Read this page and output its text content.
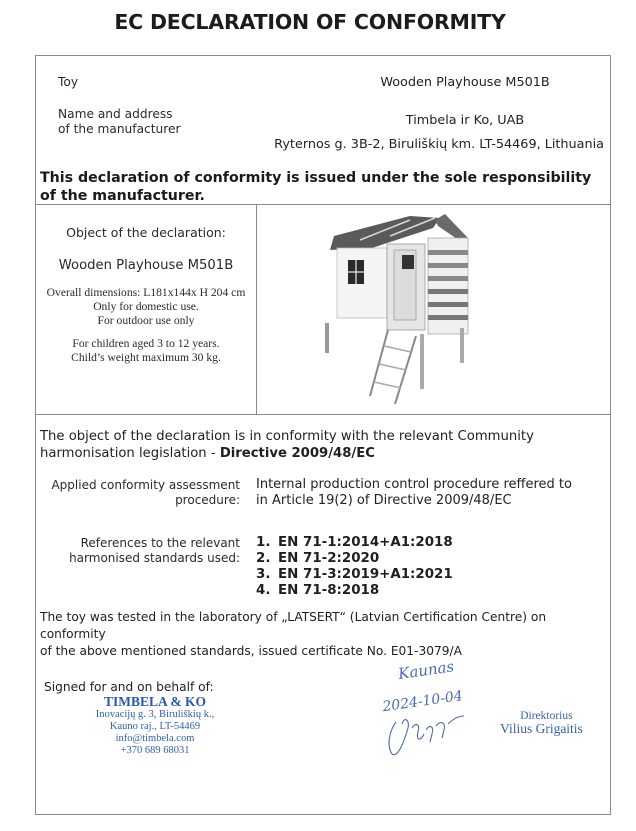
EC DECLARATION OF CONFORMITY
Toy	Wooden Playhouse M501B
Name and address
of the manufacturer
Timbela ir Ko, UAB
Ryternos g. 3B-2, Biruliškių km. LT-54469, Lithuania
This declaration of conformity is issued under the sole responsibility of the manufacturer.
Object of the declaration:
Wooden Playhouse M501B
Overall dimensions: L181x144x H 204 cm
Only for domestic use.
For outdoor use only
For children aged 3 to 12 years.
Child’s weight maximum 30 kg.
The object of the declaration is in conformity with the relevant Community harmonisation legislation - Directive 2009/48/EC
Applied conformity assessment
procedure:
Internal production control procedure reffered to
in Article 19(2) of Directive 2009/48/EC
References to the relevant
harmonised standards used:
1. EN 71-1:2014+A1:2018
2. EN 71-2:2020
3. EN 71-3:2019+A1:2021
4. EN 71-8:2018
The toy was tested in the laboratory of „LATSERT“ (Latvian Certification Centre) on conformity
of the above mentioned standards, issued certificate No. E01-3079/A
Signed for and on behalf of:
TIMBELA & KO
Inovacijų g. 3, Biruliškių k.,
Kauno raj., LT-54469
info@timbela.com
+370 689 68031
Kaunas
2024-10-04
Direktorius
Vilius Grigaitis
